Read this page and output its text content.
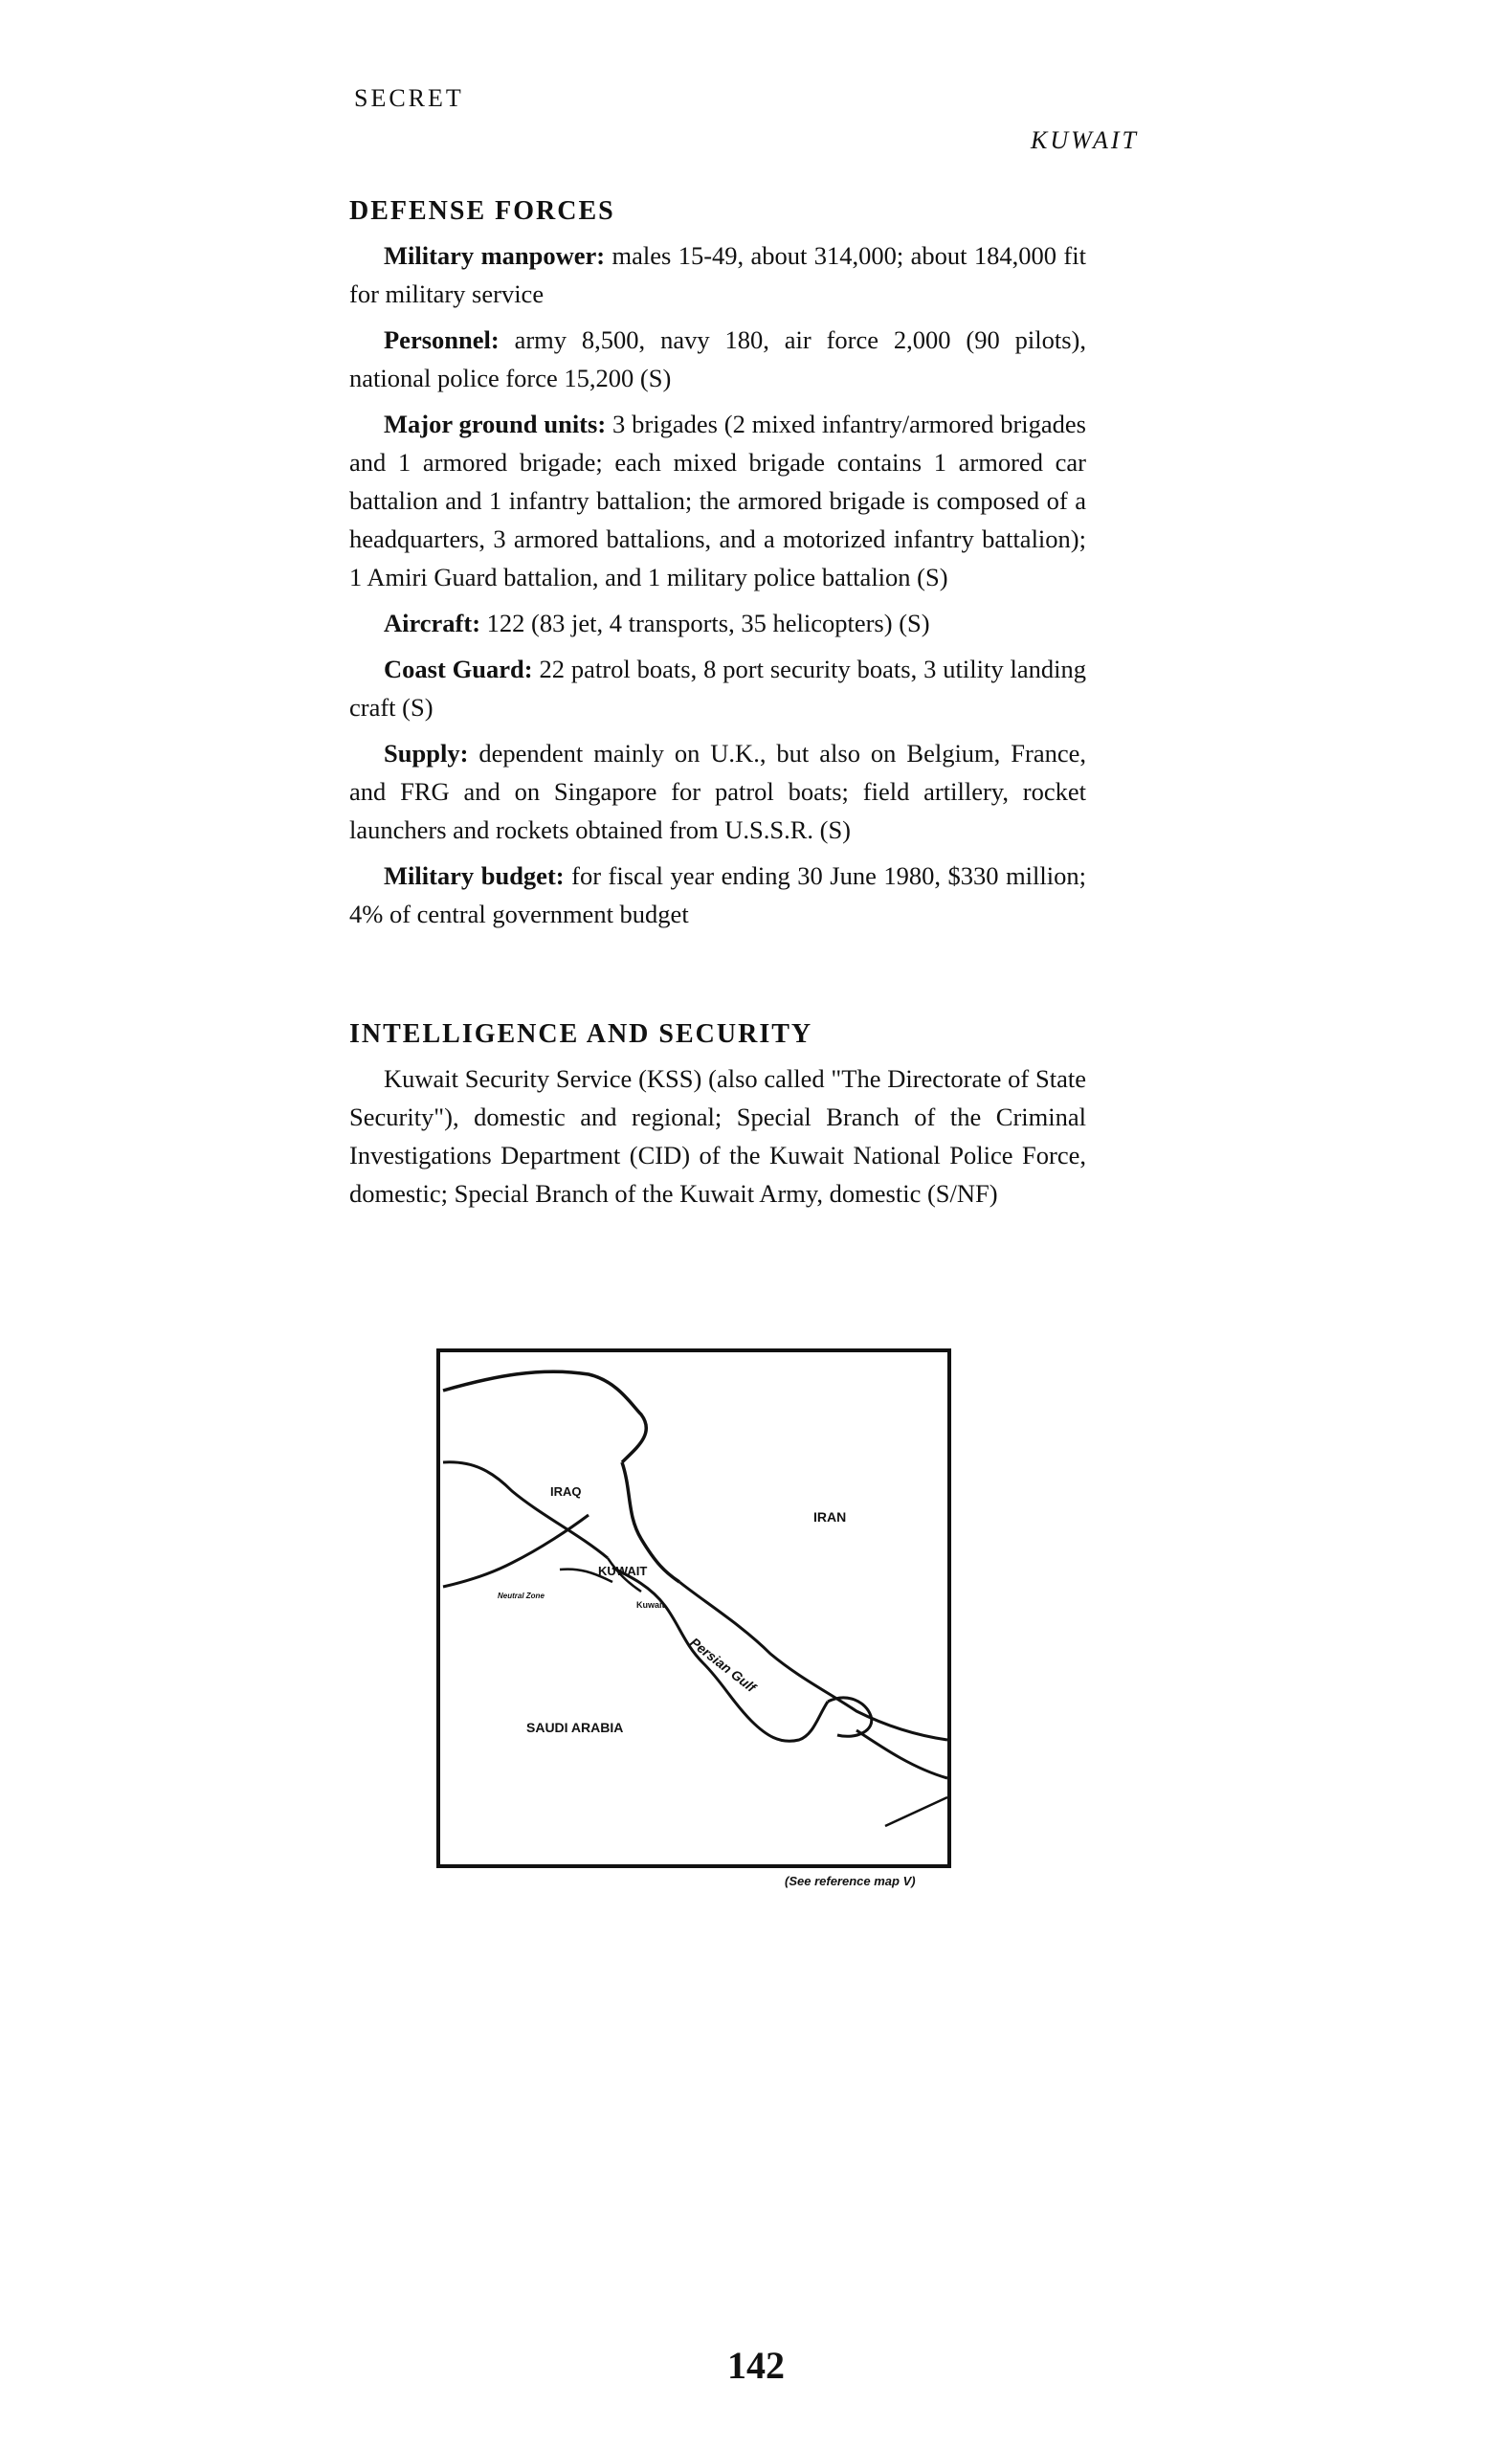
SECRET
KUWAIT
DEFENSE FORCES

Military manpower: males 15-49, about 314,000; about 184,000 fit for military service

Personnel: army 8,500, navy 180, air force 2,000 (90 pilots), national police force 15,200 (S)

Major ground units: 3 brigades (2 mixed infantry/armored brigades and 1 armored brigade; each mixed brigade contains 1 armored car battalion and 1 infantry battalion; the armored brigade is composed of a headquarters, 3 armored battalions, and a motorized infantry battalion); 1 Amiri Guard battalion, and 1 military police battalion (S)

Aircraft: 122 (83 jet, 4 transports, 35 helicopters) (S)

Coast Guard: 22 patrol boats, 8 port security boats, 3 utility landing craft (S)

Supply: dependent mainly on U.K., but also on Belgium, France, and FRG and on Singapore for patrol boats; field artillery, rocket launchers and rockets obtained from U.S.S.R. (S)

Military budget: for fiscal year ending 30 June 1980, $330 million; 4% of central government budget

INTELLIGENCE AND SECURITY

Kuwait Security Service (KSS) (also called "The Directorate of State Security"), domestic and regional; Special Branch of the Criminal Investigations Department (CID) of the Kuwait National Police Force, domestic; Special Branch of the Kuwait Army, domestic (S/NF)

IRAQ
IRAN
KUWAIT
Kuwait
Neutral Zone
Persian Gulf
SAUDI ARABIA
(See reference map V)
142
